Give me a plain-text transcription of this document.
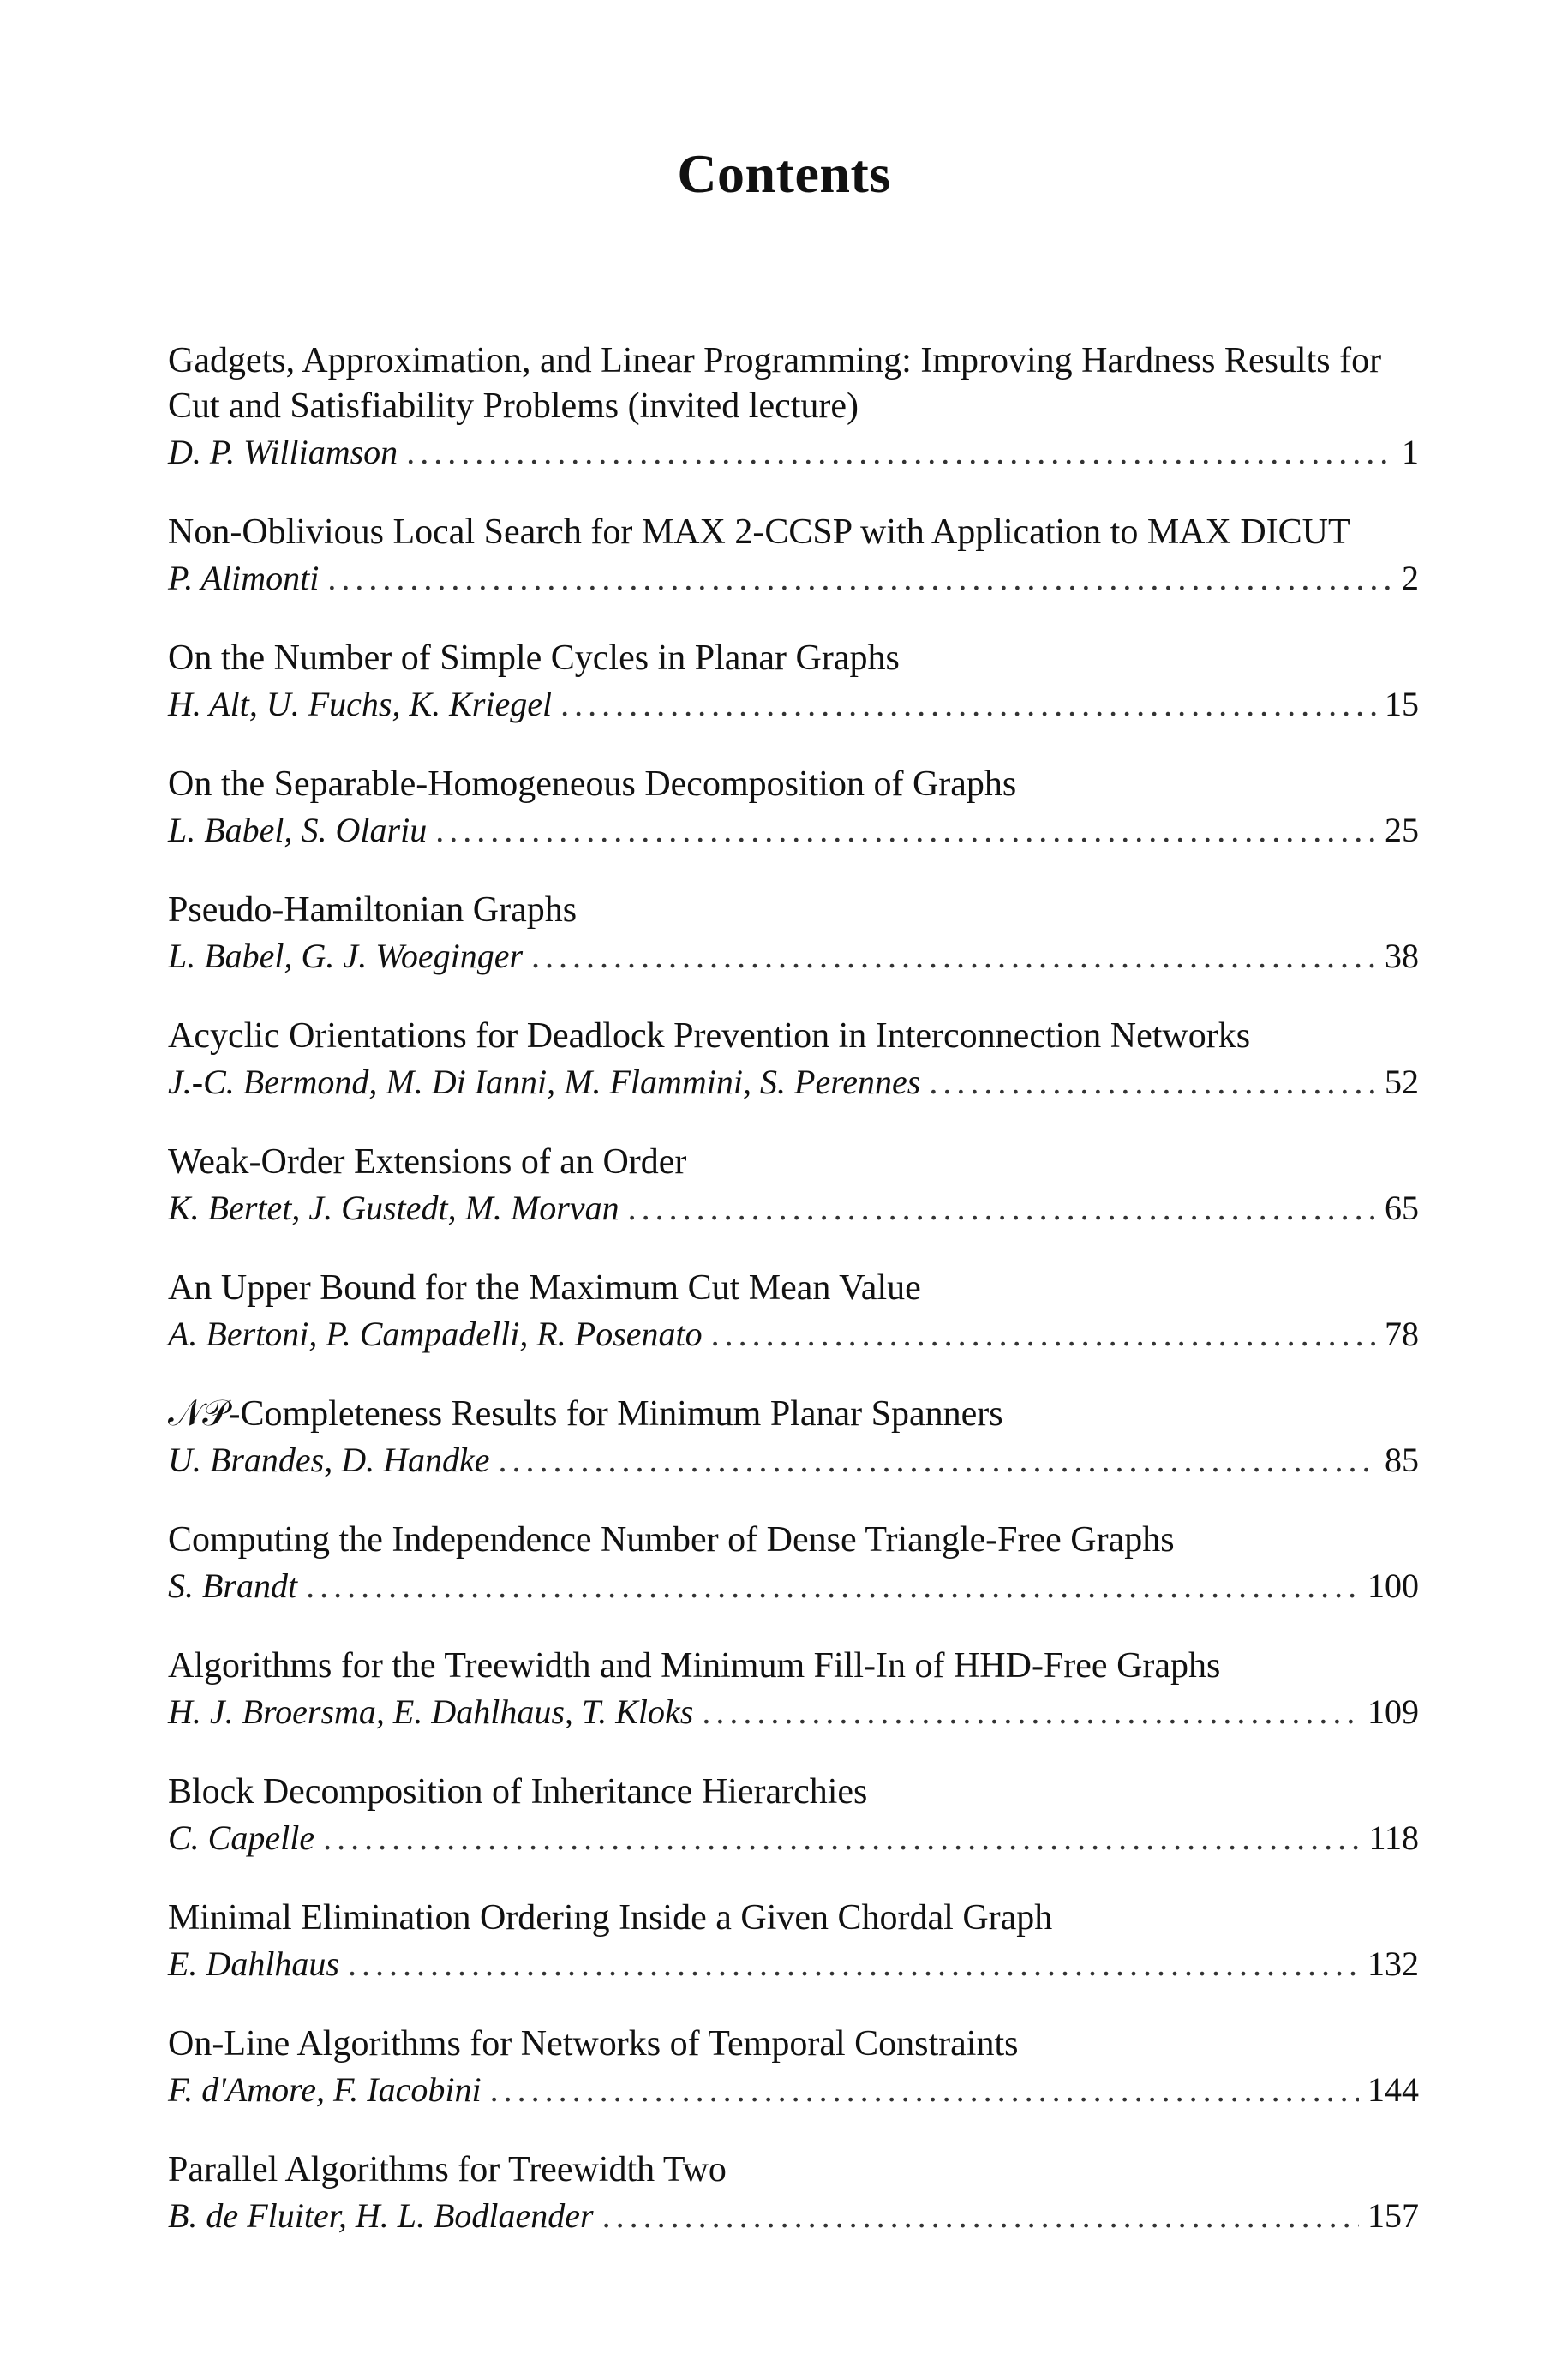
Contents

Gadgets, Approximation, and Linear Programming: Improving Hardness Results for Cut and Satisfiability Problems (invited lecture)

D. P. Williamson . . .	1

Non-Oblivious Local Search for MAX 2-CCSP with Application to MAX DICUT

P. Alimonti . . .	2

On the Number of Simple Cycles in Planar Graphs

H. Alt, U. Fuchs, K. Kriegel . . .	15

On the Separable-Homogeneous Decomposition of Graphs

L. Babel, S. Olariu . . .	25

Pseudo-Hamiltonian Graphs

L. Babel, G. J. Woeginger . . .	38

Acyclic Orientations for Deadlock Prevention in Interconnection Networks

J.-C. Bermond, M. Di Ianni, M. Flammini, S. Perennes . . .	52

Weak-Order Extensions of an Order

K. Bertet, J. Gustedt, M. Morvan . . .	65

An Upper Bound for the Maximum Cut Mean Value

A. Bertoni, P. Campadelli, R. Posenato . . .	78

𝒩𝒫-Completeness Results for Minimum Planar Spanners

U. Brandes, D. Handke . . .	85

Computing the Independence Number of Dense Triangle-Free Graphs

S. Brandt . . .	100

Algorithms for the Treewidth and Minimum Fill-In of HHD-Free Graphs

H. J. Broersma, E. Dahlhaus, T. Kloks . . .	109

Block Decomposition of Inheritance Hierarchies

C. Capelle . . .	118

Minimal Elimination Ordering Inside a Given Chordal Graph

E. Dahlhaus . . .	132

On-Line Algorithms for Networks of Temporal Constraints

F. d'Amore, F. Iacobini . . .	144

Parallel Algorithms for Treewidth Two

B. de Fluiter, H. L. Bodlaender . . .	157
